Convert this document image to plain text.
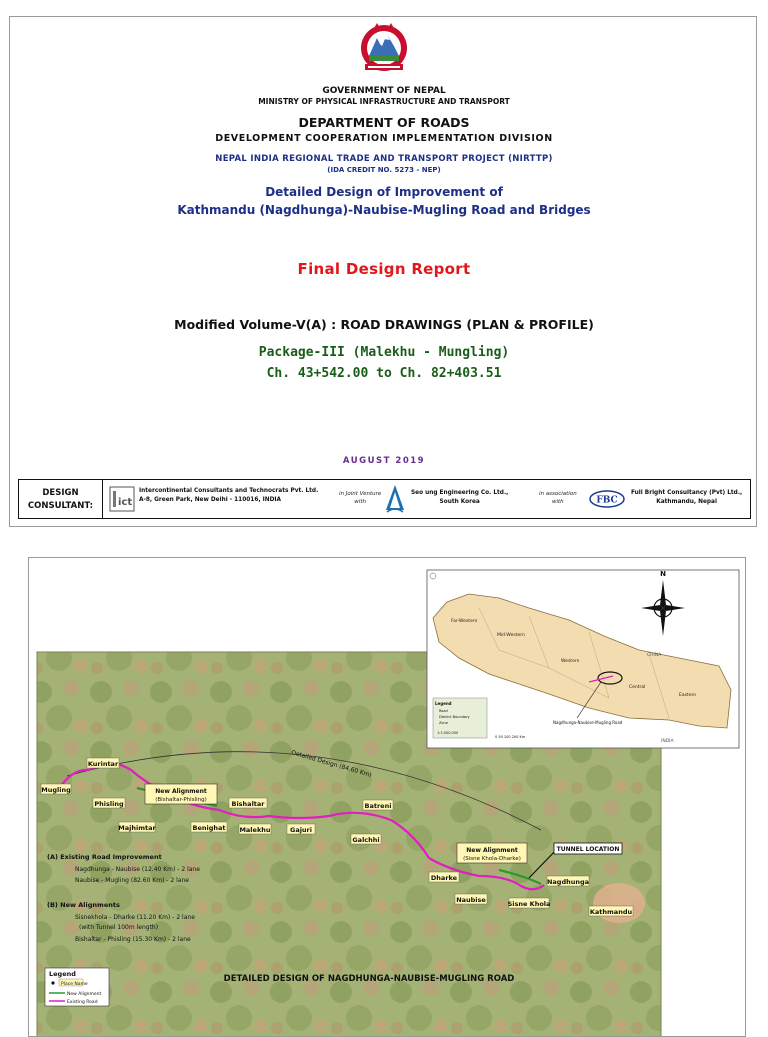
GOVERNMENT OF NEPAL
MINISTRY OF PHYSICAL INFRASTRUCTURE AND TRANSPORT
DEPARTMENT OF ROADS
DEVELOPMENT COOPERATION IMPLEMENTATION DIVISION
NEPAL INDIA REGIONAL TRADE AND TRANSPORT PROJECT (NIRTTP)
(IDA CREDIT NO. 5273 - NEP)
Detailed Design of Improvement of
Kathmandu (Nagdhunga)-Naubise-Mugling Road and Bridges
Final Design Report
Modified Volume-V(A) : ROAD DRAWINGS (PLAN & PROFILE)
Package-III (Malekhu - Mungling)
Ch. 43+542.00 to Ch. 82+403.51
AUGUST 2019
DESIGN
CONSULTANT:	ict
Intercontinental Consultants and Technocrats Pvt. Ltd.
A-8, Green Park, New Delhi - 110016, INDIA
in Joint Venture
with
Seo ung Engineering Co. Ltd.,
South Korea
in association
with	FBC
Full Bright Consultancy (Pvt) Ltd.,
Kathmandu, Nepal
Detailed Design (84.60 Km)
New Alignment
(Bishaltar-Phisling)
New Alignment
(Sisne Khola-Dharke)
TUNNEL LOCATION
Mugling
Kurintar
Phisling
Majhimtar	Benighat
Bishaltar
Malekhu	Gajuri
Batreni
Galchhi
Dharke
Naubise	Sisne Khola
Nagdhunga
Kathmandu
(A) Existing Road Improvement
Nagdhunga - Naubise (12.40 Km) - 2 lane
Naubise - Mugling (82.60 Km) - 2 lane
(B) New Alignments
Sisnekhola - Dharke (11.20 Km) - 2 lane
(with Tunnel 100m length)
Bishaltar - Phisling (15.30 Km) - 2 lane
Legend
Place Name
New Alignment
Existing Road
DETAILED DESIGN OF NAGDHUNGA-NAUBISE-MUGLING ROAD
Far-Western
Mid-Western
Western
Central
Eastern
CHINA
INDIA
Nagdhunga-Naubise-Mugling Road
Legend
Road
District Boundary
Zone
1:3,500,000
0 50 100 200 Km
N
